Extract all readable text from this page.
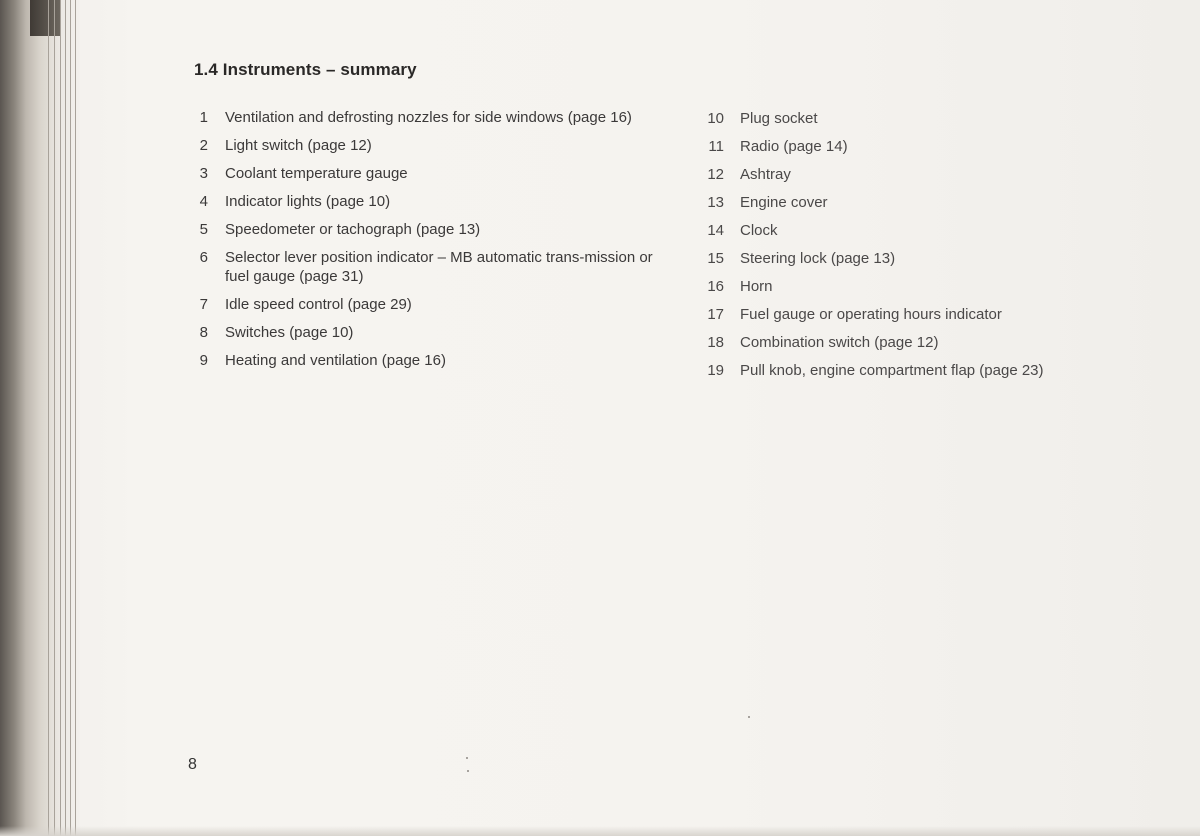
1.4 Instruments – summary
1	Ventilation and defrosting nozzles for side windows (page 16)
2	Light switch (page 12)
3	Coolant temperature gauge
4	Indicator lights (page 10)
5	Speedometer or tachograph (page 13)
6	Selector lever position indicator – MB automatic trans-mission or fuel gauge (page 31)
7	Idle speed control (page 29)
8	Switches (page 10)
9	Heating and ventilation (page 16)
10	Plug socket
11	Radio (page 14)
12	Ashtray
13	Engine cover
14	Clock
15	Steering lock (page 13)
16	Horn
17	Fuel gauge or operating hours indicator
18	Combination switch (page 12)
19	Pull knob, engine compartment flap (page 23)
8
